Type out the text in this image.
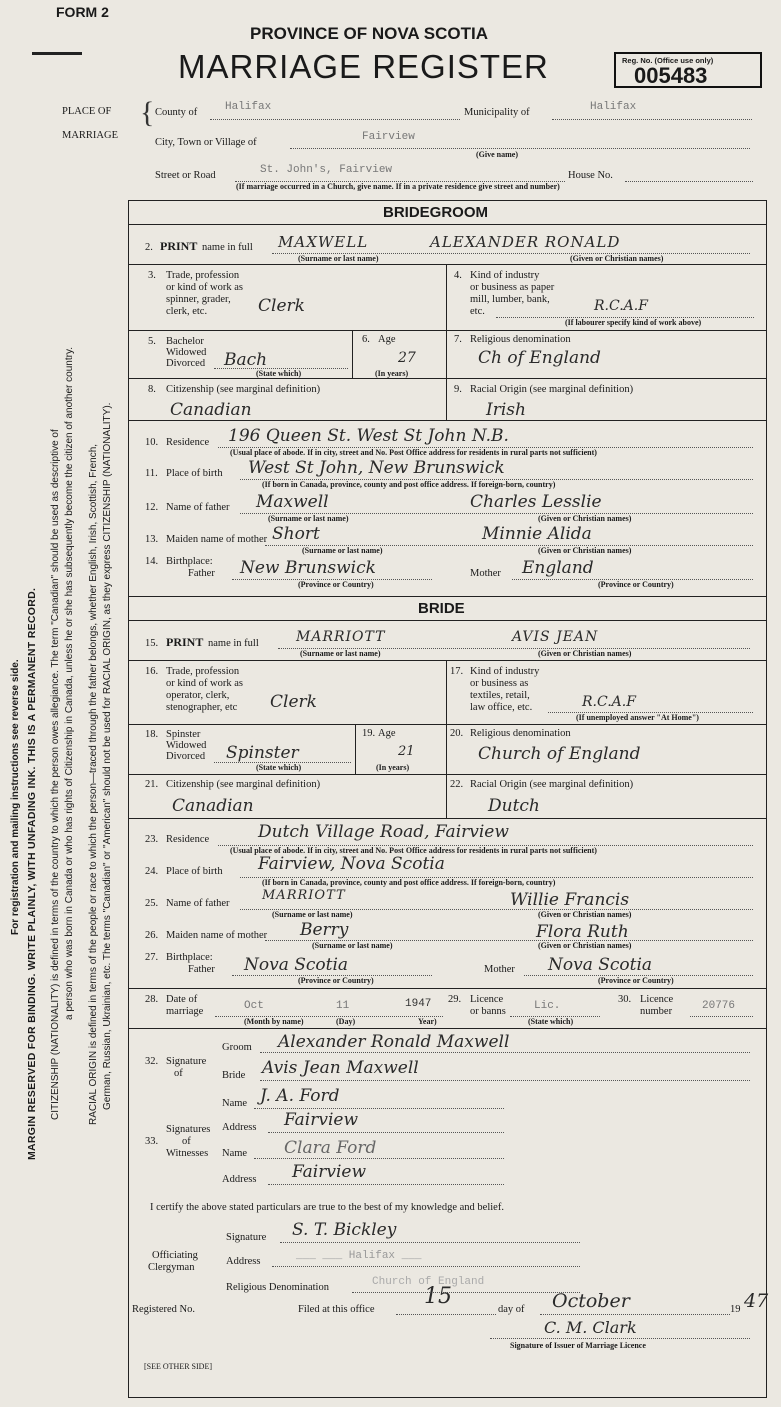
For registration and mailing instructions see reverse side. MARGIN RESERVED FOR BINDING. WRITE PLAINLY, WITH UNFADING INK. THIS IS A PERMANENT RECORD. CITIZENSHIP (NATIONALITY) is defined in terms of the country to which the person owes allegiance. The term "Canadian" should be used as descriptive of a person who was born in Canada or who has rights of Citizenship in Canada, unless he or she has subsequently become the citizen of another country. RACIAL ORIGIN is defined in terms of the people or race to which the person—traced through the father belongs, whether English, Irish, Scottish, French, German, Russian, Ukrainian, etc. The terms "Canadian" or "American" should not be used for RACIAL ORIGIN, as they express CITIZENSHIP (NATIONALITY).
FORM 2
PROVINCE OF NOVA SCOTIA
MARRIAGE REGISTER	Reg. No. (Office use only)
005483
PLACE OF
MARRIAGE
{ County of	Halifax	Municipality of	Halifax
City, Town or Village of	Fairview
(Give name)
Street or Road	St. John's, Fairview	House No.
(If marriage occurred in a Church, give name. If in a private residence give street and number)
BRIDEGROOM
2. PRINT name in full MAXWELL	ALEXANDER RONALD
(Surname or last name)	(Given or Christian names)
3. Trade, profession
or kind of work as
spinner, grader,
clerk, etc.	Clerk
4. Kind of industry
or business as paper
mill, lumber, bank,
etc.	R.C.A.F
(If labourer specify kind of work above)
5. Bachelor
Widowed
Divorced Bach
(State which)
6. Age
27
(In years)
7. Religious denomination
Ch of England
8. Citizenship (see marginal definition)
Canadian
9. Racial Origin (see marginal definition)
Irish
10. Residence 196 Queen St. West St John N.B.
(Usual place of abode. If in city, street and No. Post Office address for residents in rural parts not sufficient)
11. Place of birth West St John, New Brunswick
(If born in Canada, province, county and post office address. If foreign-born, country)
12. Name of father Maxwell	Charles Lesslie
(Surname or last name)	(Given or Christian names)
13. Maiden name of mother Short	Minnie Alida
(Surname or last name)	(Given or Christian names)
14. Birthplace:
Father New Brunswick	Mother England
(Province or Country)	(Province or Country)
BRIDE
15. PRINT name in full	MARRIOTT	AVIS JEAN
(Surname or last name)	(Given or Christian names)
16. Trade, profession
or kind of work as
operator, clerk,
stenographer, etc Clerk
17. Kind of industry
or business as
textiles, retail,
law office, etc.	R.C.A.F
(If unemployed answer "At Home")
18. Spinster
Widowed
Divorced Spinster
(State which)
19. Age
21
(In years)
20. Religious denomination
Church of England
21. Citizenship (see marginal definition)
Canadian
22. Racial Origin (see marginal definition)
Dutch
23. Residence	Dutch Village Road, Fairview
(Usual place of abode. If in city, street and No. Post Office address for residents in rural parts not sufficient)
24. Place of birth Fairview, Nova Scotia
(If born in Canada, province, county and post office address. If foreign-born, country)
25. Name of father
MARRIOTT	Willie Francis
(Surname or last name)	(Given or Christian names)
26. Maiden name of mother Berry	Flora Ruth
(Surname or last name)	(Given or Christian names)
27. Birthplace:
Father Nova Scotia	Mother Nova Scotia
(Province or Country)	(Province or Country)
28. Date of
marriage	Oct	11	1947
(Month by name)	(Day)	Year)
29. Licence
or banns	Lic.
(State which)
30. Licence
number	20776
32. Signature
of
Groom Alexander Ronald Maxwell
Bride Avis Jean Maxwell
Name J. A. Ford
33.
Signatures
of
Witnesses
Address Fairview
Name Clara Ford
Address Fairview
I certify the above stated particulars are true to the best of my knowledge and belief.
Signature S. T. Bickley
Officiating
Clergyman
Address	___ ___ Halifax ___
Religious Denomination	Church of England
Registered No.	Filed at this office
15
day of October	19 47
C. M. Clark
Signature of Issuer of Marriage Licence
[SEE OTHER SIDE]
